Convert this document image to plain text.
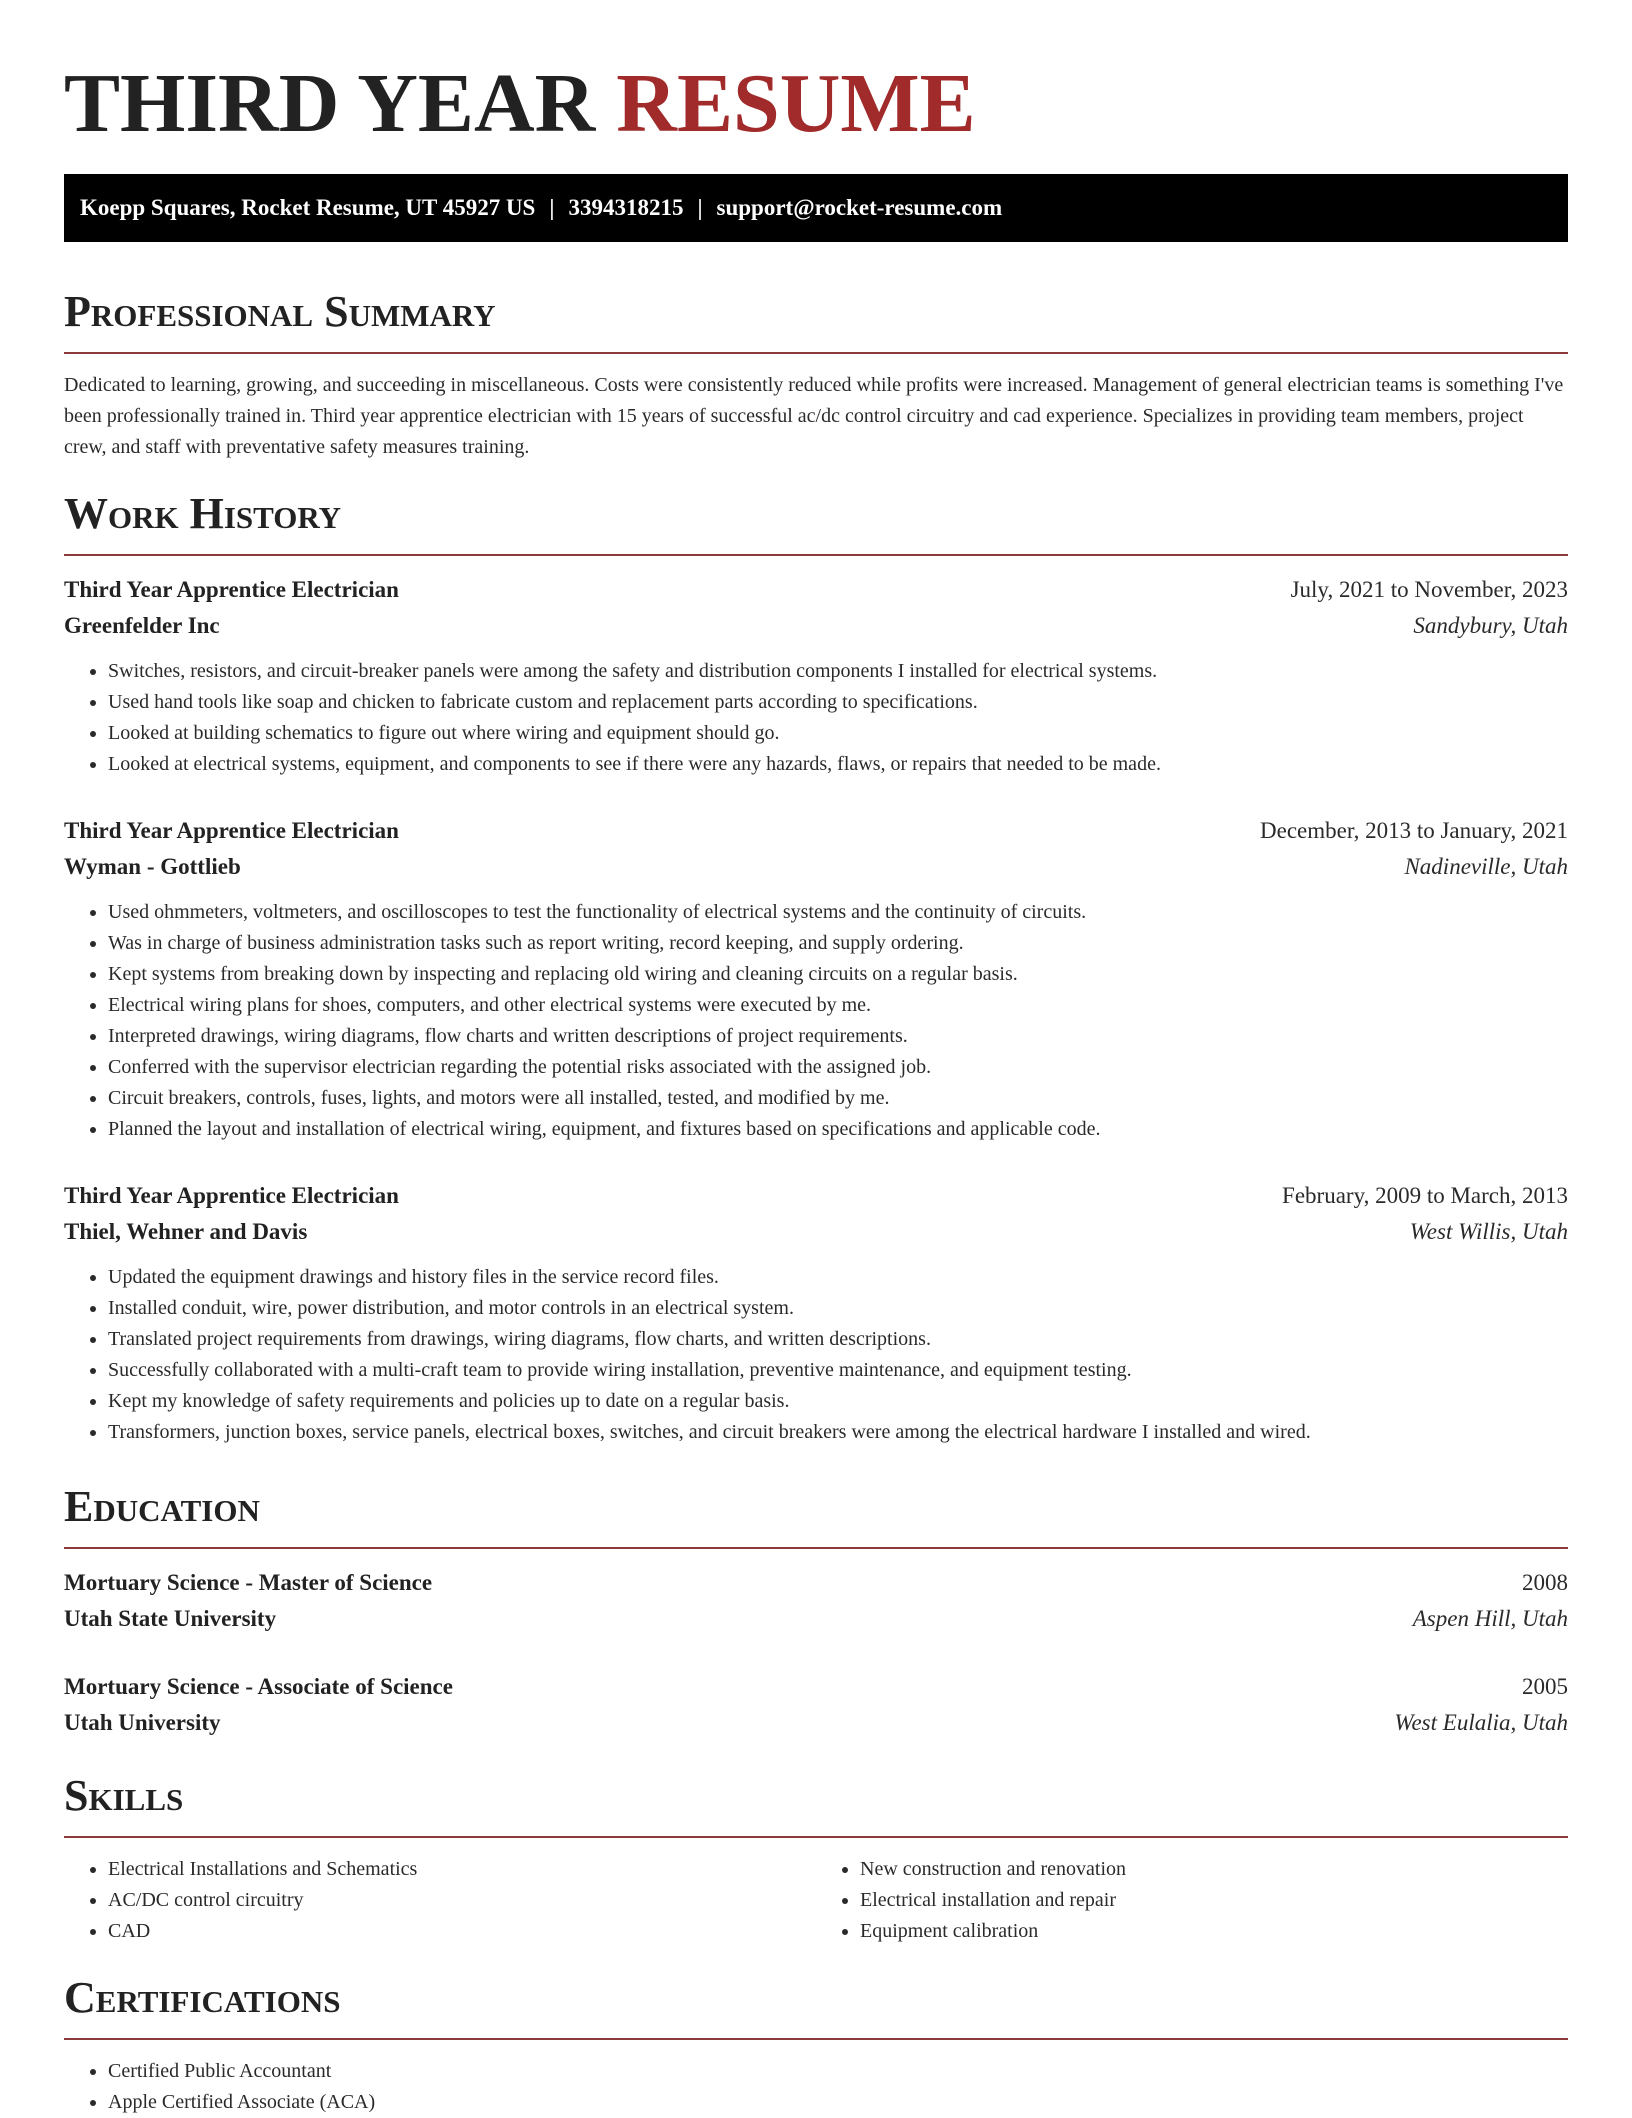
THIRD YEAR RESUME
Koepp Squares, Rocket Resume, UT 45927 US | 3394318215 | support@rocket-resume.com
Professional Summary

Dedicated to learning, growing, and succeeding in miscellaneous. Costs were consistently reduced while profits were increased. Management of general electrician teams is something I've been professionally trained in. Third year apprentice electrician with 15 years of successful ac/dc control circuitry and cad experience. Specializes in providing team members, project crew, and staff with preventative safety measures training.

Work History
Third Year Apprentice Electrician	July, 2021 to November, 2023
Greenfelder Inc	Sandybury, Utah
• Switches, resistors, and circuit-breaker panels were among the safety and distribution components I installed for electrical systems.
• Used hand tools like soap and chicken to fabricate custom and replacement parts according to specifications.
• Looked at building schematics to figure out where wiring and equipment should go.
• Looked at electrical systems, equipment, and components to see if there were any hazards, flaws, or repairs that needed to be made.
Third Year Apprentice Electrician	December, 2013 to January, 2021
Wyman - Gottlieb	Nadineville, Utah
• Used ohmmeters, voltmeters, and oscilloscopes to test the functionality of electrical systems and the continuity of circuits.
• Was in charge of business administration tasks such as report writing, record keeping, and supply ordering.
• Kept systems from breaking down by inspecting and replacing old wiring and cleaning circuits on a regular basis.
• Electrical wiring plans for shoes, computers, and other electrical systems were executed by me.
• Interpreted drawings, wiring diagrams, flow charts and written descriptions of project requirements.
• Conferred with the supervisor electrician regarding the potential risks associated with the assigned job.
• Circuit breakers, controls, fuses, lights, and motors were all installed, tested, and modified by me.
• Planned the layout and installation of electrical wiring, equipment, and fixtures based on specifications and applicable code.
Third Year Apprentice Electrician	February, 2009 to March, 2013
Thiel, Wehner and Davis	West Willis, Utah
• Updated the equipment drawings and history files in the service record files.
• Installed conduit, wire, power distribution, and motor controls in an electrical system.
• Translated project requirements from drawings, wiring diagrams, flow charts, and written descriptions.
• Successfully collaborated with a multi-craft team to provide wiring installation, preventive maintenance, and equipment testing.
• Kept my knowledge of safety requirements and policies up to date on a regular basis.
• Transformers, junction boxes, service panels, electrical boxes, switches, and circuit breakers were among the electrical hardware I installed and wired.
Education
Mortuary Science - Master of Science	2008
Utah State University	Aspen Hill, Utah
Mortuary Science - Associate of Science	2005
Utah University	West Eulalia, Utah
Skills
• Electrical Installations and Schematics
• AC/DC control circuitry
• CAD
• New construction and renovation
• Electrical installation and repair
• Equipment calibration
Certifications
• Certified Public Accountant
• Apple Certified Associate (ACA)
